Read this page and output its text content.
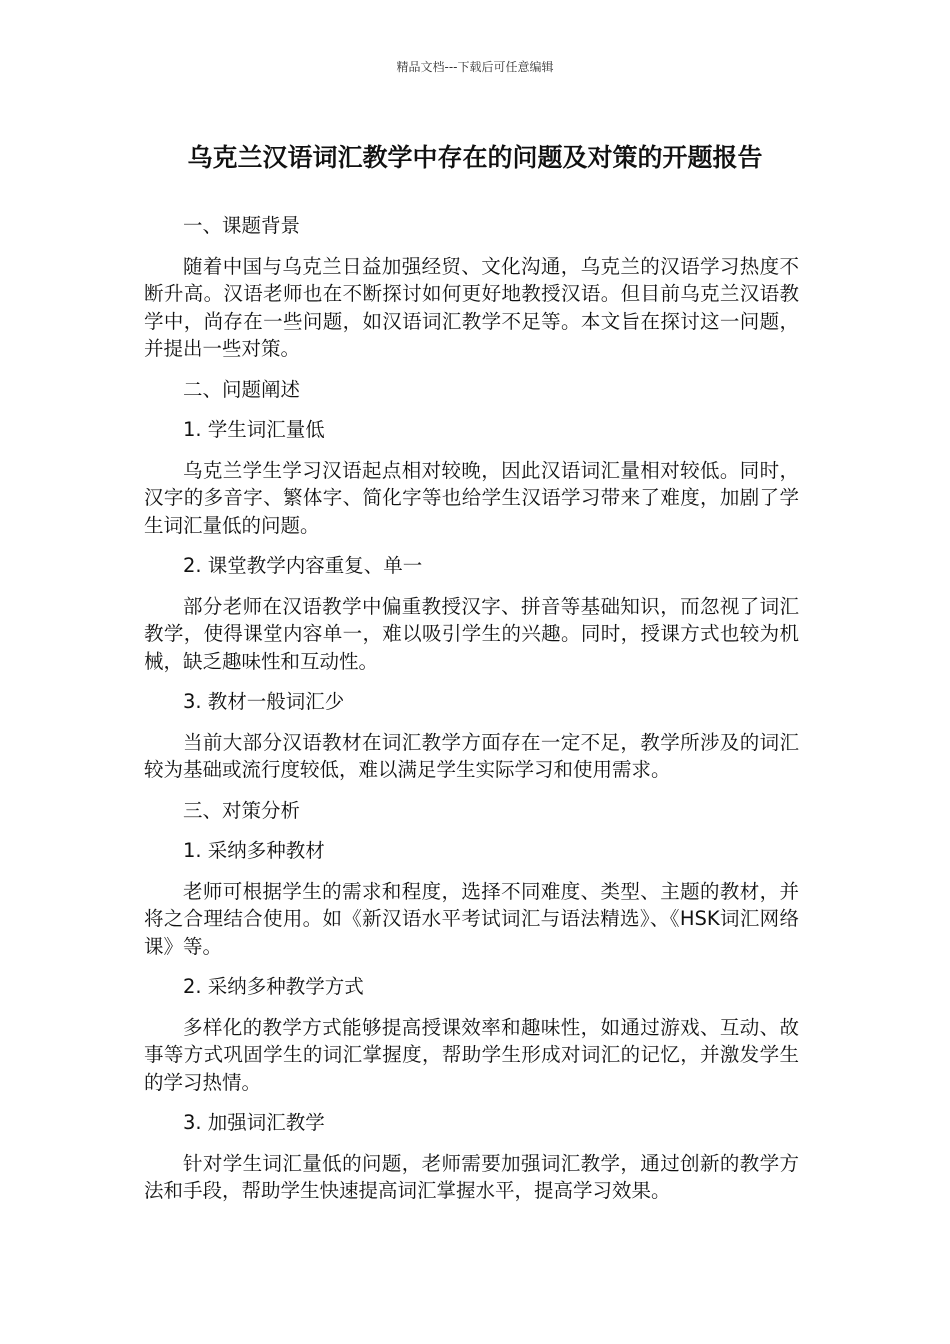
精品文档---下载后可任意编辑
乌克兰汉语词汇教学中存在的问题及对策的开题报告

一、课题背景

随着中国与乌克兰日益加强经贸、文化沟通，乌克兰的汉语学习热度不断升高。汉语老师也在不断探讨如何更好地教授汉语。但目前乌克兰汉语教学中，尚存在一些问题，如汉语词汇教学不足等。本文旨在探讨这一问题，并提出一些对策。

二、问题阐述

1. 学生词汇量低

乌克兰学生学习汉语起点相对较晚，因此汉语词汇量相对较低。同时，汉字的多音字、繁体字、简化字等也给学生汉语学习带来了难度，加剧了学生词汇量低的问题。

2. 课堂教学内容重复、单一

部分老师在汉语教学中偏重教授汉字、拼音等基础知识，而忽视了词汇教学，使得课堂内容单一，难以吸引学生的兴趣。同时，授课方式也较为机械，缺乏趣味性和互动性。

3. 教材一般词汇少

当前大部分汉语教材在词汇教学方面存在一定不足，教学所涉及的词汇较为基础或流行度较低，难以满足学生实际学习和使用需求。

三、对策分析

1. 采纳多种教材

老师可根据学生的需求和程度，选择不同难度、类型、主题的教材，并将之合理结合使用。如《新汉语水平考试词汇与语法精选》、《HSK词汇网络课》等。

2. 采纳多种教学方式

多样化的教学方式能够提高授课效率和趣味性，如通过游戏、互动、故事等方式巩固学生的词汇掌握度，帮助学生形成对词汇的记忆，并激发学生的学习热情。

3. 加强词汇教学

针对学生词汇量低的问题，老师需要加强词汇教学，通过创新的教学方法和手段，帮助学生快速提高词汇掌握水平，提高学习效果。
